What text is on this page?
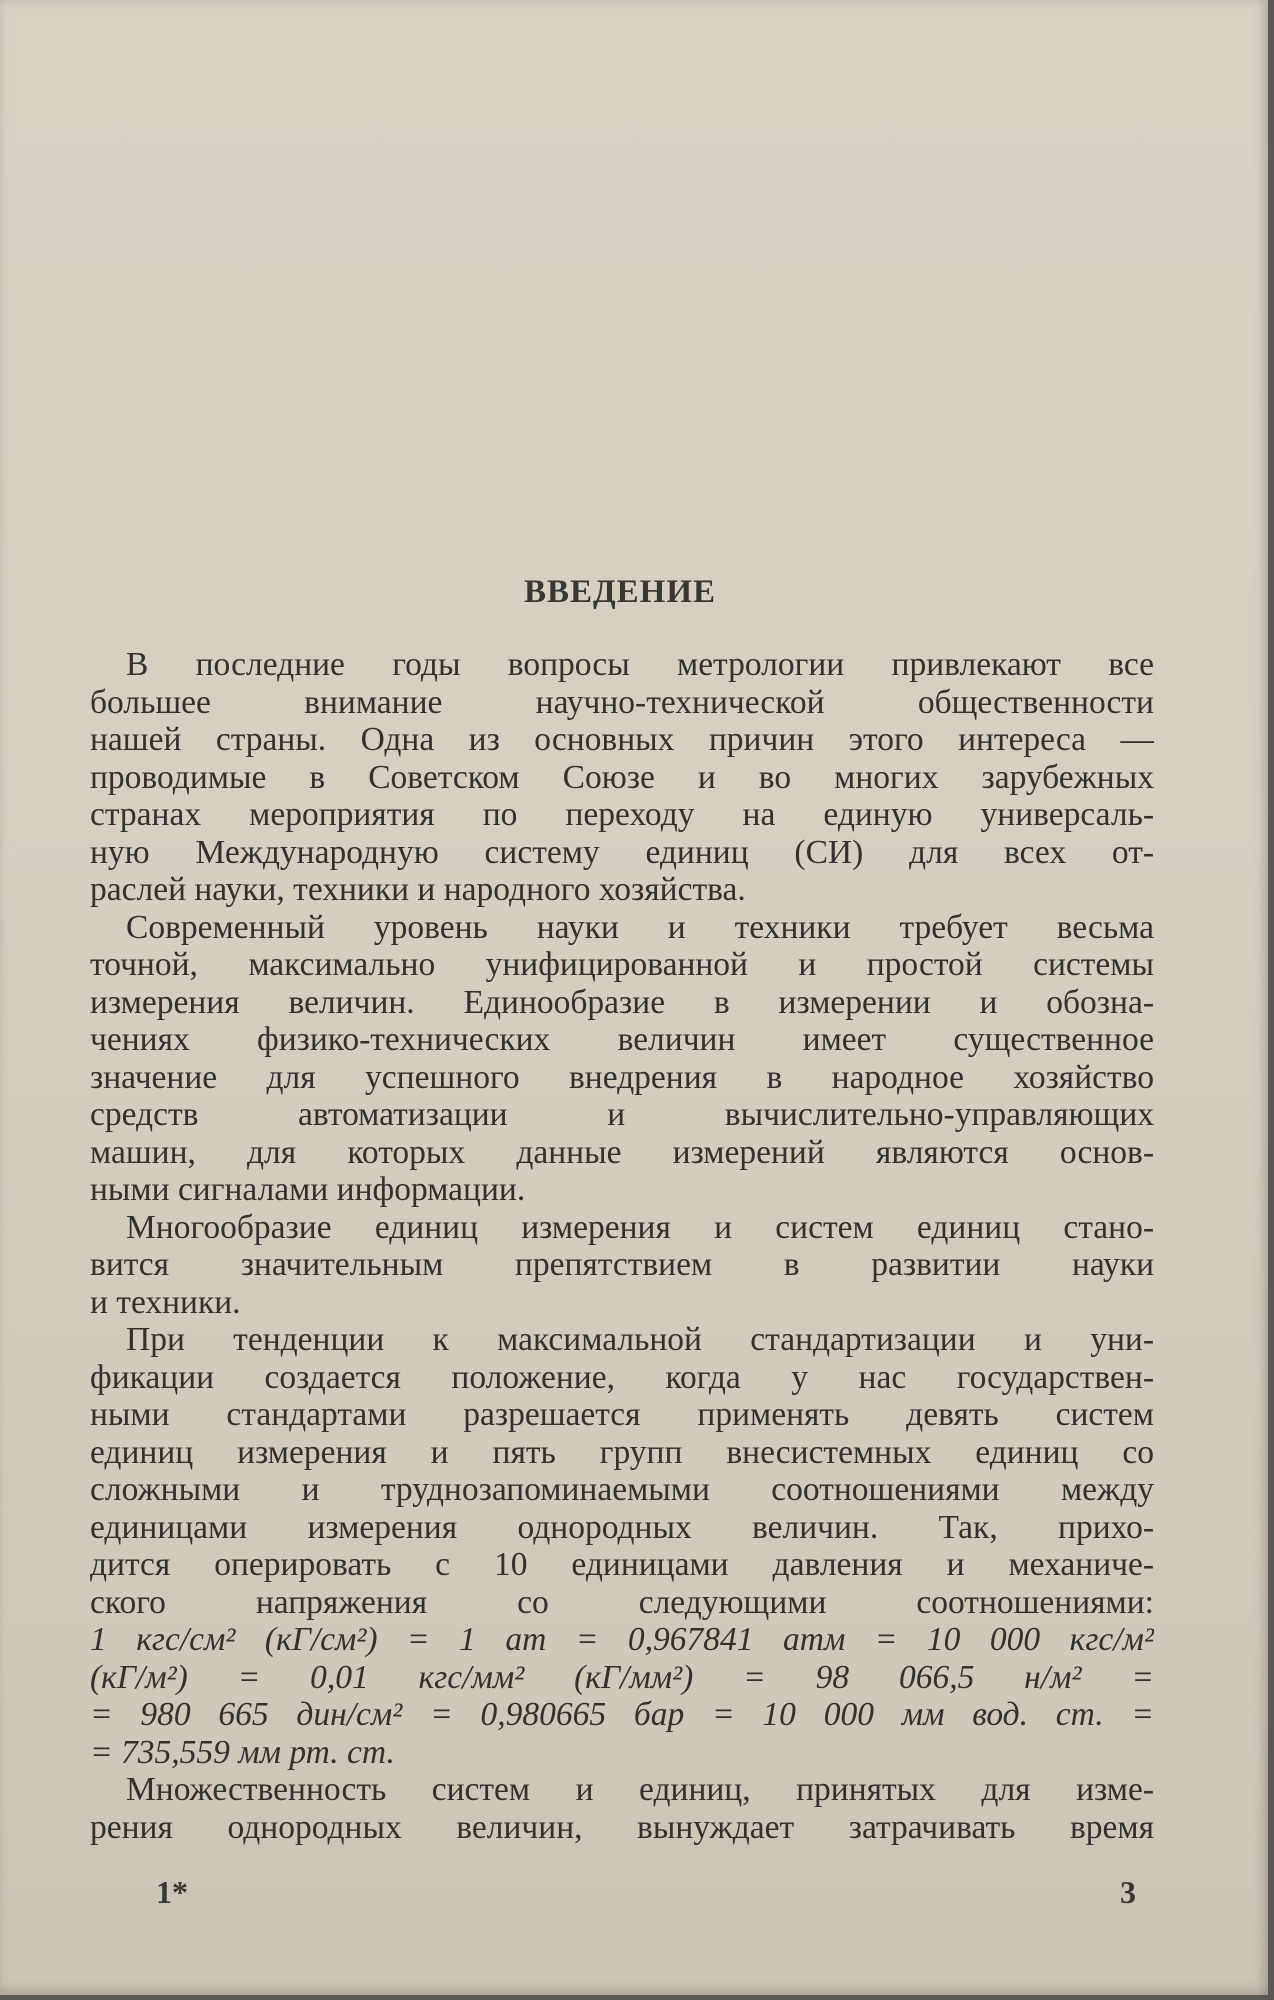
ВВЕДЕНИЕ
В последние годы вопросы метрологии привлекают все
большее внимание научно-технической общественности
нашей страны. Одна из основных причин этого интереса —
проводимые в Советском Союзе и во многих зарубежных
странах мероприятия по переходу на единую универсаль-
ную Международную систему единиц (СИ) для всех от-
раслей науки, техники и народного хозяйства.
Современный уровень науки и техники требует весьма
точной, максимально унифицированной и простой системы
измерения величин. Единообразие в измерении и обозна-
чениях физико-технических величин имеет существенное
значение для успешного внедрения в народное хозяйство
средств автоматизации и вычислительно-управляющих
машин, для которых данные измерений являются основ-
ными сигналами информации.
Многообразие единиц измерения и систем единиц стано-
вится значительным препятствием в развитии науки
и техники.
При тенденции к максимальной стандартизации и уни-
фикации создается положение, когда у нас государствен-
ными стандартами разрешается применять девять систем
единиц измерения и пять групп внесистемных единиц со
сложными и труднозапоминаемыми соотношениями между
единицами измерения однородных величин. Так, прихо-
дится оперировать с 10 единицами давления и механиче-
ского напряжения со следующими соотношениями:
1 кгс/см² (кГ/см²) = 1 ат = 0,967841 атм = 10 000 кгс/м²
(кГ/м²) = 0,01 кгс/мм² (кГ/мм²) = 98 066,5 н/м² =
= 980 665 дин/см² = 0,980665 бар = 10 000 мм вод. ст. =
= 735,559 мм рт. ст.
Множественность систем и единиц, принятых для изме-
рения однородных величин, вынуждает затрачивать время
1*	3
